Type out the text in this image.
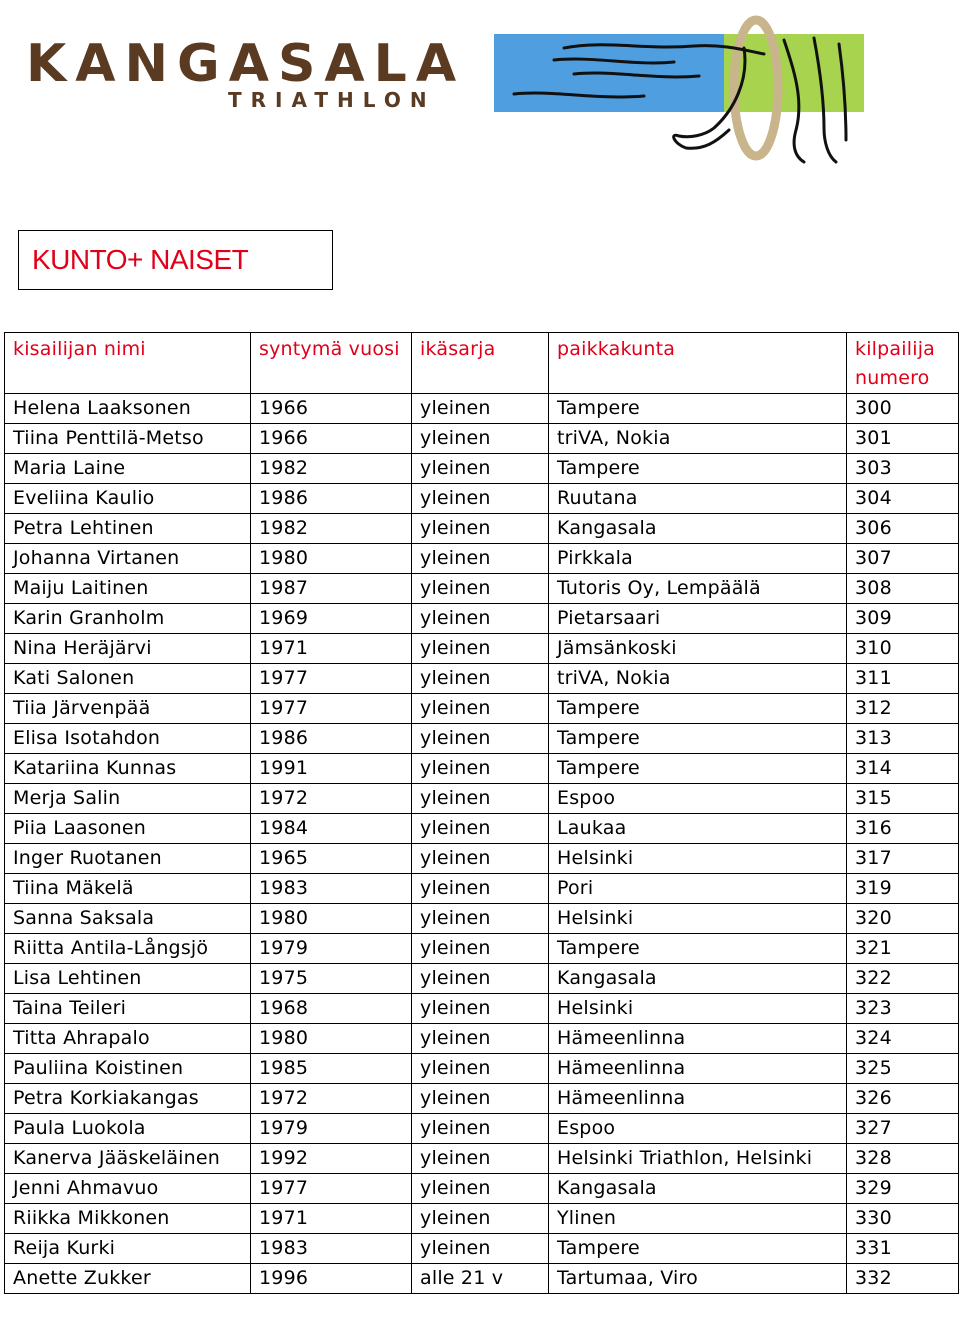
KANGASALA
TRIATHLON
KUNTO+ NAISET
kisailijan nimi	syntymä vuosi	ikäsarja	paikkakunta	kilpailija numero
Helena Laaksonen	1966	yleinen	Tampere	300
Tiina Penttilä-Metso	1966	yleinen	triVA, Nokia	301
Maria Laine	1982	yleinen	Tampere	303
Eveliina Kaulio	1986	yleinen	Ruutana	304
Petra Lehtinen	1982	yleinen	Kangasala	306
Johanna Virtanen	1980	yleinen	Pirkkala	307
Maiju Laitinen	1987	yleinen	Tutoris Oy, Lempäälä	308
Karin Granholm	1969	yleinen	Pietarsaari	309
Nina Heräjärvi	1971	yleinen	Jämsänkoski	310
Kati Salonen	1977	yleinen	triVA, Nokia	311
Tiia Järvenpää	1977	yleinen	Tampere	312
Elisa Isotahdon	1986	yleinen	Tampere	313
Katariina Kunnas	1991	yleinen	Tampere	314
Merja Salin	1972	yleinen	Espoo	315
Piia Laasonen	1984	yleinen	Laukaa	316
Inger Ruotanen	1965	yleinen	Helsinki	317
Tiina Mäkelä	1983	yleinen	Pori	319
Sanna Saksala	1980	yleinen	Helsinki	320
Riitta Antila-Långsjö	1979	yleinen	Tampere	321
Lisa Lehtinen	1975	yleinen	Kangasala	322
Taina Teileri	1968	yleinen	Helsinki	323
Titta Ahrapalo	1980	yleinen	Hämeenlinna	324
Pauliina Koistinen	1985	yleinen	Hämeenlinna	325
Petra Korkiakangas	1972	yleinen	Hämeenlinna	326
Paula Luokola	1979	yleinen	Espoo	327
Kanerva Jääskeläinen	1992	yleinen	Helsinki Triathlon, Helsinki	328
Jenni Ahmavuo	1977	yleinen	Kangasala	329
Riikka Mikkonen	1971	yleinen	Ylinen	330
Reija Kurki	1983	yleinen	Tampere	331
Anette Zukker	1996	alle 21 v	Tartumaa, Viro	332
